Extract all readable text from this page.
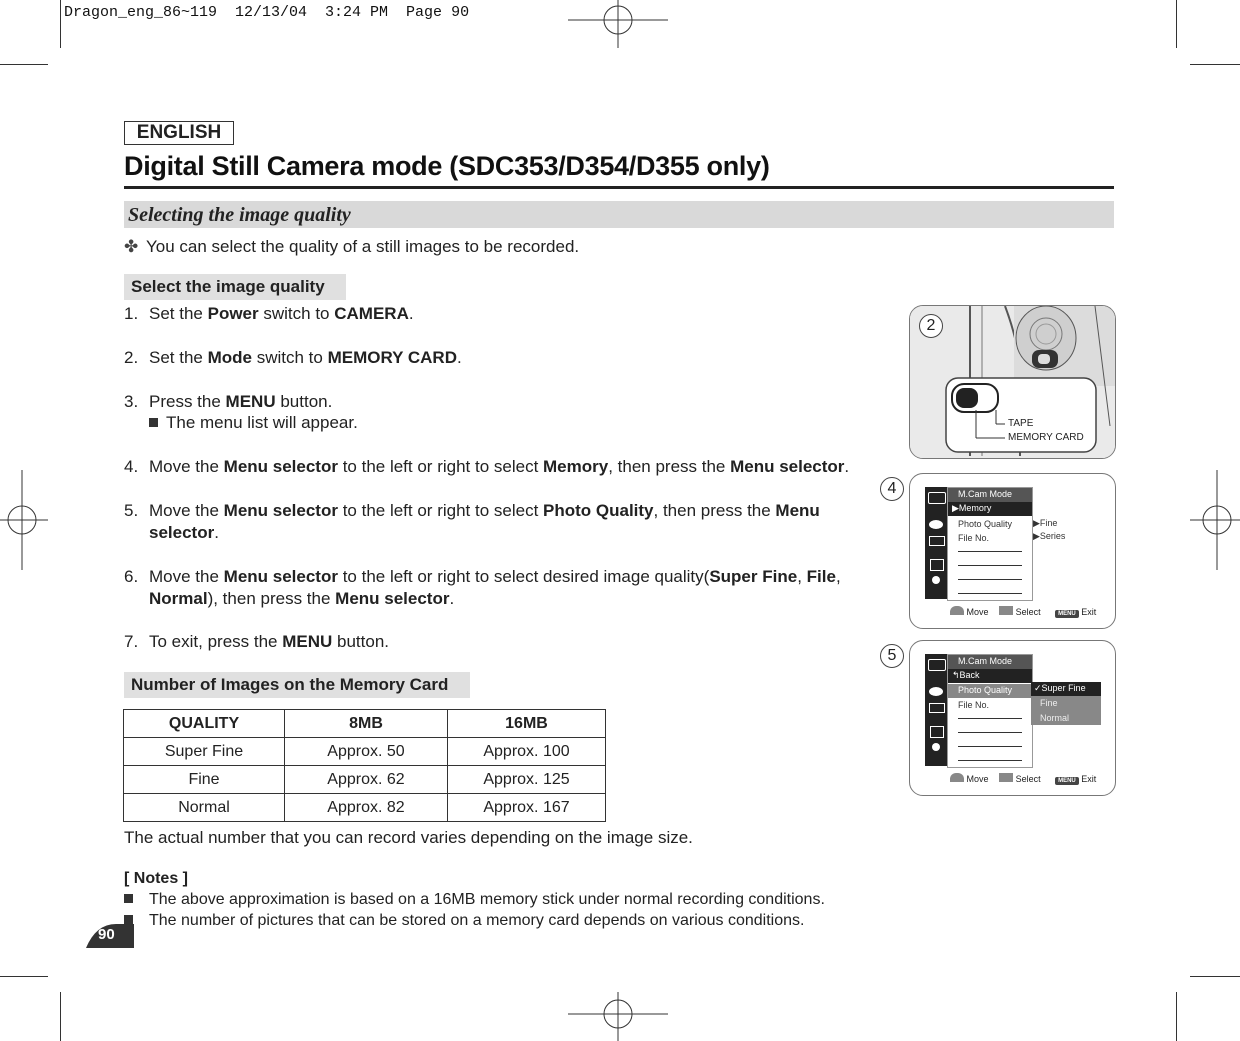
Dragon_eng_86~119  12/13/04  3:24 PM  Page 90
ENGLISH
Digital Still Camera mode (SDC353/D354/D355 only)
Selecting the image quality
✤ You can select the quality of a still images to be recorded.
Select the image quality
1. Set the Power switch to CAMERA.
2. Set the Mode switch to MEMORY CARD.
3. Press the MENU button.
The menu list will appear.
4. Move the Menu selector to the left or right to select Memory, then press the Menu selector.
5. Move the Menu selector to the left or right to select Photo Quality, then press the Menu
selector.
6. Move the Menu selector to the left or right to select desired image quality(Super Fine, File,
Normal), then press the Menu selector.
7. To exit, press the MENU button.
Number of Images on the Memory Card
QUALITY	8MB	16MB
Super Fine	Approx. 50	Approx. 100
Fine	Approx. 62	Approx. 125
Normal	Approx. 82	Approx. 167
The actual number that you can record varies depending on the image size.
[ Notes ]
The above approximation is based on a 16MB memory stick under normal recording conditions.
The number of pictures that can be stored on a memory card depends on various conditions.
90
2
TAPE
MEMORY CARD
4	M.Cam Mode
▶Memory
Photo Quality
File No.
▶Fine
▶Series
Move	Select	MENU Exit
5	M.Cam Mode
↰Back
Photo Quality
File No.
✓Super Fine
Fine
Normal
Move	Select	MENU Exit
